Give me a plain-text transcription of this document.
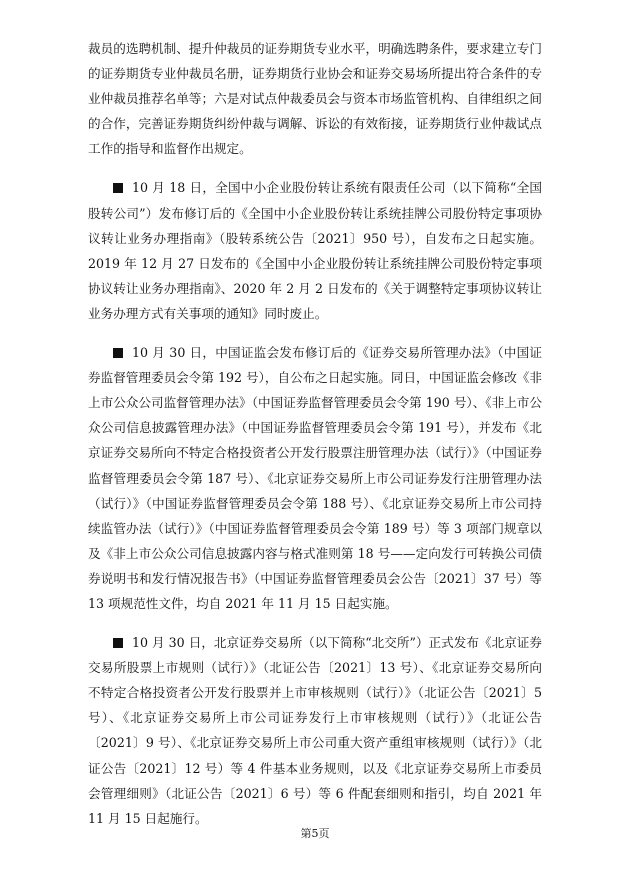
裁员的选聘机制、提升仲裁员的证券期货专业水平，明确选聘条件，要求建立专门的证券期货专业仲裁员名册，证券期货行业协会和证券交易场所提出符合条件的专业仲裁员推荐名单等；六是对试点仲裁委员会与资本市场监管机构、自律组织之间的合作，完善证券期货纠纷仲裁与调解、诉讼的有效衔接，证券期货行业仲裁试点工作的指导和监督作出规定。

10 月 18 日，全国中小企业股份转让系统有限责任公司（以下简称“全国股转公司”）发布修订后的《全国中小企业股份转让系统挂牌公司股份特定事项协议转让业务办理指南》（股转系统公告〔2021〕950 号），自发布之日起实施。2019 年 12 月 27 日发布的《全国中小企业股份转让系统挂牌公司股份特定事项协议转让业务办理指南》、2020 年 2 月 2 日发布的《关于调整特定事项协议转让业务办理方式有关事项的通知》同时废止。

10 月 30 日，中国证监会发布修订后的《证券交易所管理办法》（中国证券监督管理委员会令第 192 号），自公布之日起实施。同日，中国证监会修改《非上市公众公司监督管理办法》（中国证券监督管理委员会令第 190 号）、《非上市公众公司信息披露管理办法》（中国证券监督管理委员会令第 191 号），并发布《北京证券交易所向不特定合格投资者公开发行股票注册管理办法（试行）》（中国证券监督管理委员会令第 187 号）、《北京证券交易所上市公司证券发行注册管理办法（试行）》（中国证券监督管理委员会令第 188 号）、《北京证券交易所上市公司持续监管办法（试行）》（中国证券监督管理委员会令第 189 号）等 3 项部门规章以及《非上市公众公司信息披露内容与格式准则第 18 号——定向发行可转换公司债券说明书和发行情况报告书》（中国证券监督管理委员会公告〔2021〕37 号）等 13 项规范性文件，均自 2021 年 11 月 15 日起实施。

10 月 30 日，北京证券交易所（以下简称“北交所”）正式发布《北京证券交易所股票上市规则（试行）》（北证公告〔2021〕13 号）、《北京证券交易所向不特定合格投资者公开发行股票并上市审核规则（试行）》（北证公告〔2021〕5 号）、《北京证券交易所上市公司证券发行上市审核规则（试行）》（北证公告〔2021〕9 号）、《北京证券交易所上市公司重大资产重组审核规则（试行）》（北证公告〔2021〕12 号）等 4 件基本业务规则，以及《北京证券交易所上市委员会管理细则》（北证公告〔2021〕6 号）等 6 件配套细则和指引，均自 2021 年 11 月 15 日起施行。

第5页
